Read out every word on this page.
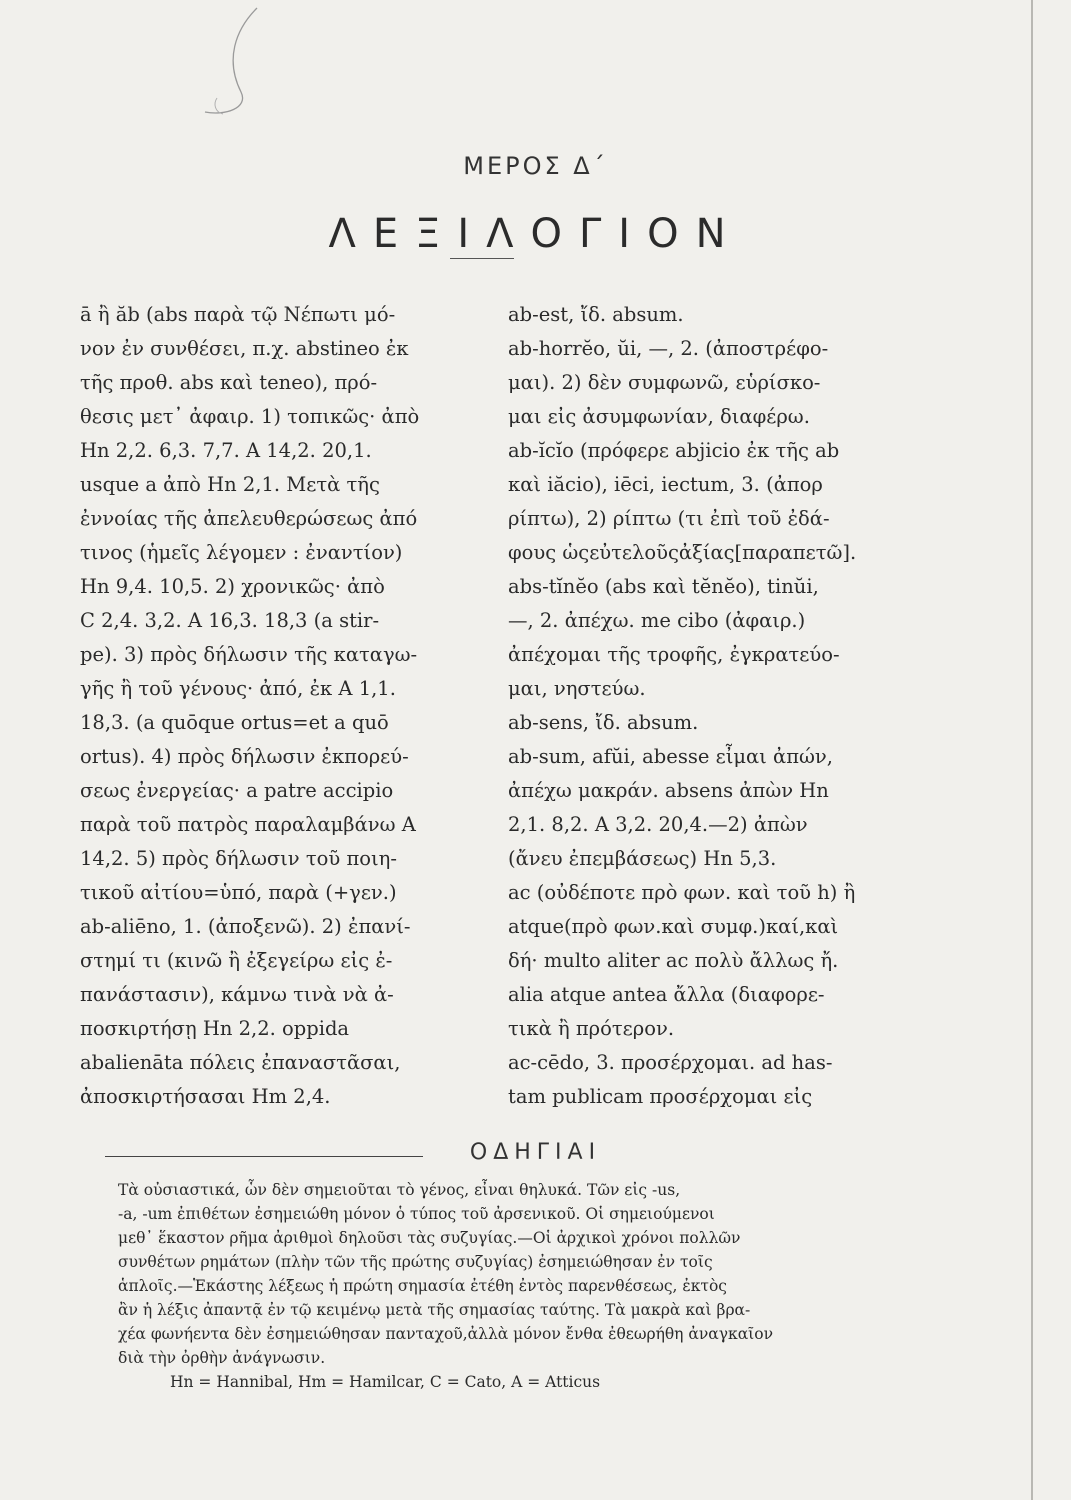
ΜΕΡΟΣ Δ΄
ΛΕΞΙΛΟΓΙΟΝ
ā ἢ ăb (abs παρὰ τῷ Νέπωτι μό-
νον ἐν συνθέσει, π.χ. abstineo ἐκ
τῆς προθ. abs καὶ teneo), πρό-
θεσις μετ᾽ ἀφαιρ. 1) τοπικῶς· ἀπὸ
Hn 2,2. 6,3. 7,7. A 14,2. 20,1.
usque a ἀπὸ Hn 2,1. Μετὰ τῆς
ἐννοίας τῆς ἀπελευθερώσεως ἀπό
τινος (ἡμεῖς λέγομεν : ἐναντίον)
Hn 9,4. 10,5. 2) χρονικῶς· ἀπὸ
C 2,4. 3,2. A 16,3. 18,3 (a stir-
pe). 3) πρὸς δήλωσιν τῆς καταγω-
γῆς ἢ τοῦ γένους· ἀπό, ἐκ A 1,1.
18,3. (a quōque ortus=et a quō
ortus). 4) πρὸς δήλωσιν ἐκπορεύ-
σεως ἐνεργείας· a patre accipio
παρὰ τοῦ πατρὸς παραλαμβάνω A
14,2. 5) πρὸς δήλωσιν τοῦ ποιη-
τικοῦ αἰτίου=ὑπό, παρὰ (+γεν.)
ab-aliēno, 1. (ἀποξενῶ). 2) ἐπανί-
στημί τι (κινῶ ἢ ἐξεγείρω εἰς ἐ-
πανάστασιν), κάμνω τινὰ νὰ ἀ-
ποσκιρτήσῃ Hn 2,2. oppida
abalienāta πόλεις ἐπαναστᾶσαι,
ἀποσκιρτήσασαι Hm 2,4.
ab-est, ἴδ. absum.
ab-horrĕo, ŭi, —, 2. (ἀποστρέφο-
μαι). 2) δὲν συμφωνῶ, εὑρίσκο-
μαι εἰς ἀσυμφωνίαν, διαφέρω.
ab-ĭcĭo (πρόφερε abjicio ἐκ τῆς ab
καὶ iăcio), iēci, iectum, 3. (ἀπορ
ρίπτω), 2) ρίπτω (τι ἐπὶ τοῦ ἐδά-
φους ὡςεὐτελοῦςἀξίας[παραπετῶ].
abs-tĭnĕo (abs καὶ tĕnĕo), tinŭi,
—, 2. ἀπέχω. me cibo (ἀφαιρ.)
ἀπέχομαι τῆς τροφῆς, ἐγκρατεύο-
μαι, νηστεύω.
ab-sens, ἴδ. absum.
ab-sum, afŭi, abesse εἶμαι ἀπών,
ἀπέχω μακράν. absens ἀπὼν Hn
2,1. 8,2. A 3,2. 20,4.—2) ἀπὼν
(ἄνευ ἐπεμβάσεως) Hn 5,3.
ac (οὐδέποτε πρὸ φων. καὶ τοῦ h) ἢ
atque(πρὸ φων.καὶ συμφ.)καί,καὶ
δή· multo aliter ac πολὺ ἄλλως ἤ.
alia atque antea ἄλλα (διαφορε-
τικὰ ἢ πρότερον.
ac-cēdo, 3. προσέρχομαι. ad has-
tam publicam προσέρχομαι εἰς
ΟΔΗΓΙΑΙ
Τὰ οὐσιαστικά, ὧν δὲν σημειοῦται τὸ γένος, εἶναι θηλυκά. Τῶν εἰς -us,
-a, -um ἐπιθέτων ἐσημειώθη μόνον ὁ τύπος τοῦ ἀρσενικοῦ. Οἱ σημειούμενοι
μεθ᾽ ἕκαστον ρῆμα ἀριθμοὶ δηλοῦσι τὰς συζυγίας.—Οἱ ἀρχικοὶ χρόνοι πολλῶν
συνθέτων ρημάτων (πλὴν τῶν τῆς πρώτης συζυγίας) ἐσημειώθησαν ἐν τοῖς
ἁπλοῖς.—Ἑκάστης λέξεως ἡ πρώτη σημασία ἐτέθη ἐντὸς παρενθέσεως, ἐκτὸς
ἂν ἡ λέξις ἀπαντᾷ ἐν τῷ κειμένῳ μετὰ τῆς σημασίας ταύτης. Τὰ μακρὰ καὶ βρα-
χέα φωνήεντα δὲν ἐσημειώθησαν πανταχοῦ,ἀλλὰ μόνον ἔνθα ἐθεωρήθη ἀναγκαῖον
διὰ τὴν ὀρθὴν ἀνάγνωσιν.
Hn = Hannibal, Hm = Hamilcar, C = Cato, A = Atticus
